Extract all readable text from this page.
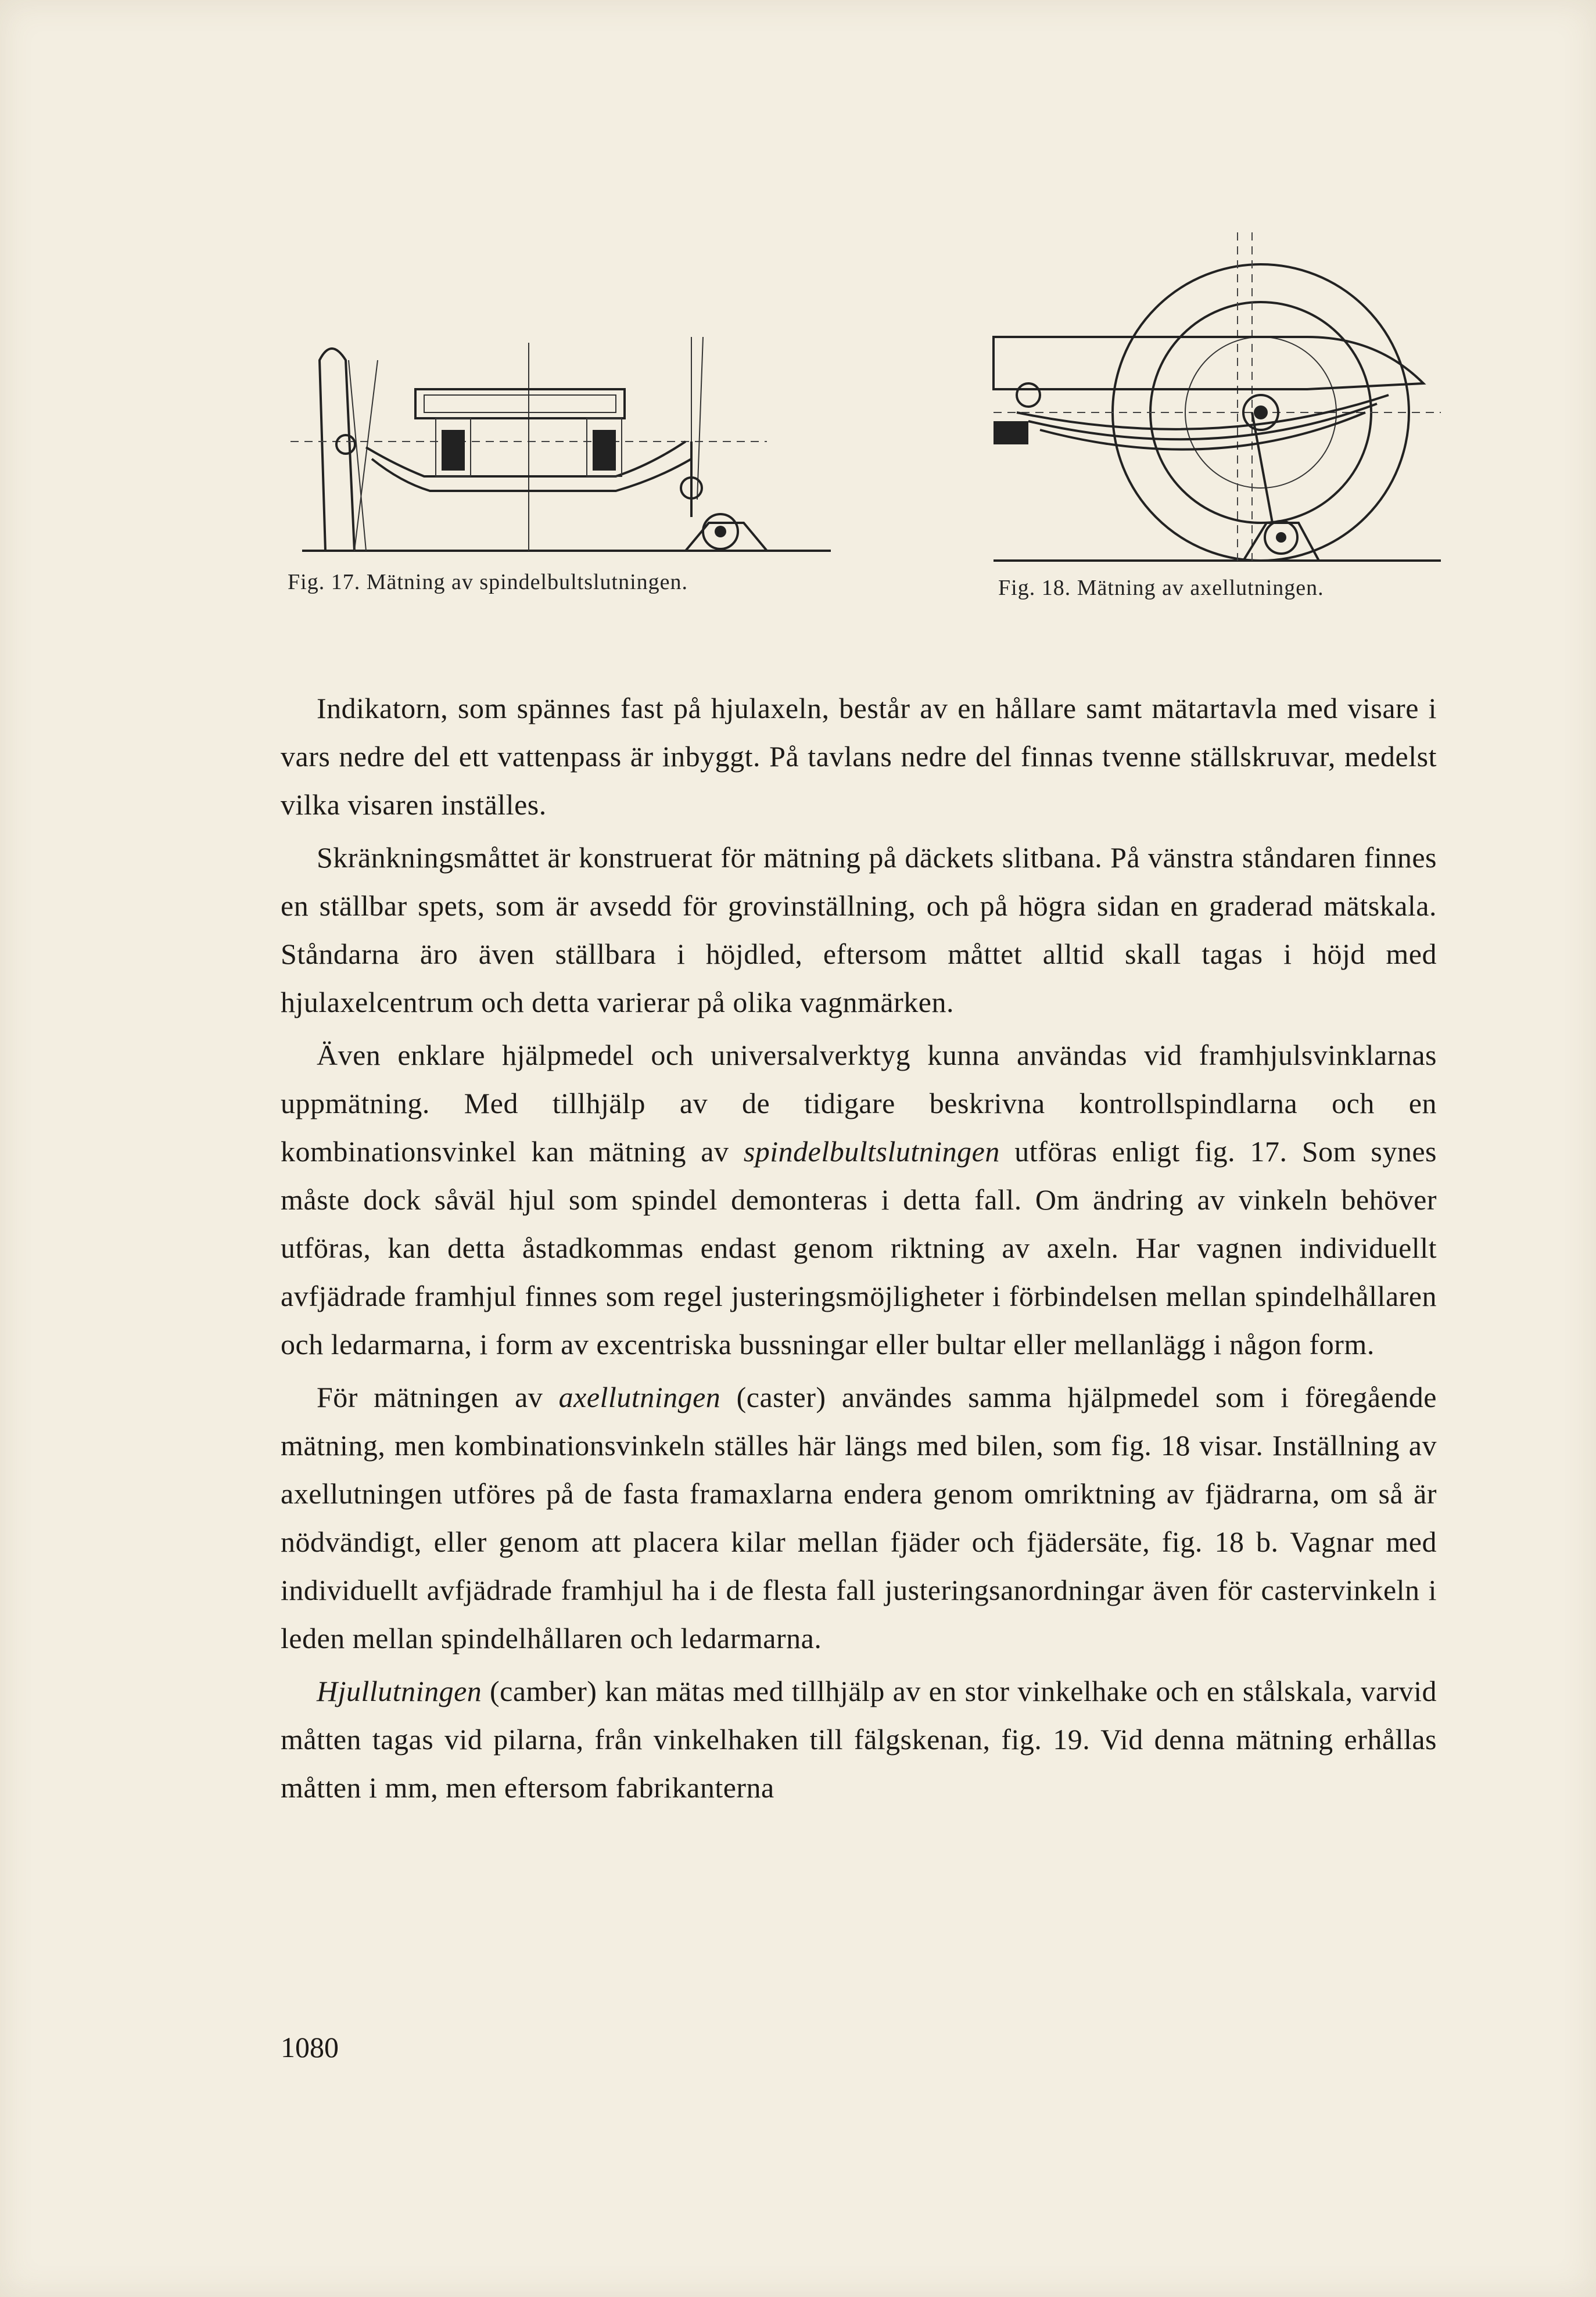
Fig. 17. Mätning av spindelbultslutningen.	Fig. 18. Mätning av axellutningen.

Indikatorn, som spännes fast på hjulaxeln, består av en hållare samt mätartavla med visare i vars nedre del ett vattenpass är inbyggt. På tavlans nedre del finnas tvenne ställskruvar, medelst vilka visaren inställes.

Skränkningsmåttet är konstruerat för mätning på däckets slitbana. På vänstra ståndaren finnes en ställbar spets, som är avsedd för grovinställning, och på högra sidan en graderad mätskala. Ståndarna äro även ställbara i höjdled, eftersom måttet alltid skall tagas i höjd med hjulaxelcentrum och detta varierar på olika vagnmärken.

Även enklare hjälpmedel och universalverktyg kunna användas vid framhjulsvinklarnas uppmätning. Med tillhjälp av de tidigare beskrivna kontrollspindlarna och en kombinationsvinkel kan mätning av spindelbultslutningen utföras enligt fig. 17. Som synes måste dock såväl hjul som spindel demonteras i detta fall. Om ändring av vinkeln behöver utföras, kan detta åstadkommas endast genom riktning av axeln. Har vagnen individuellt avfjädrade framhjul finnes som regel justeringsmöjligheter i förbindelsen mellan spindelhållaren och ledarmarna, i form av excentriska bussningar eller bultar eller mellanlägg i någon form.

För mätningen av axellutningen (caster) användes samma hjälpmedel som i föregående mätning, men kombinationsvinkeln ställes här längs med bilen, som fig. 18 visar. Inställning av axellutningen utföres på de fasta framaxlarna endera genom omriktning av fjädrarna, om så är nödvändigt, eller genom att placera kilar mellan fjäder och fjädersäte, fig. 18 b. Vagnar med individuellt avfjädrade framhjul ha i de flesta fall justeringsanordningar även för castervinkeln i leden mellan spindelhållaren och ledarmarna.

Hjullutningen (camber) kan mätas med tillhjälp av en stor vinkelhake och en stålskala, varvid måtten tagas vid pilarna, från vinkelhaken till fälgskenan, fig. 19. Vid denna mätning erhållas måtten i mm, men eftersom fabrikanterna

1080
